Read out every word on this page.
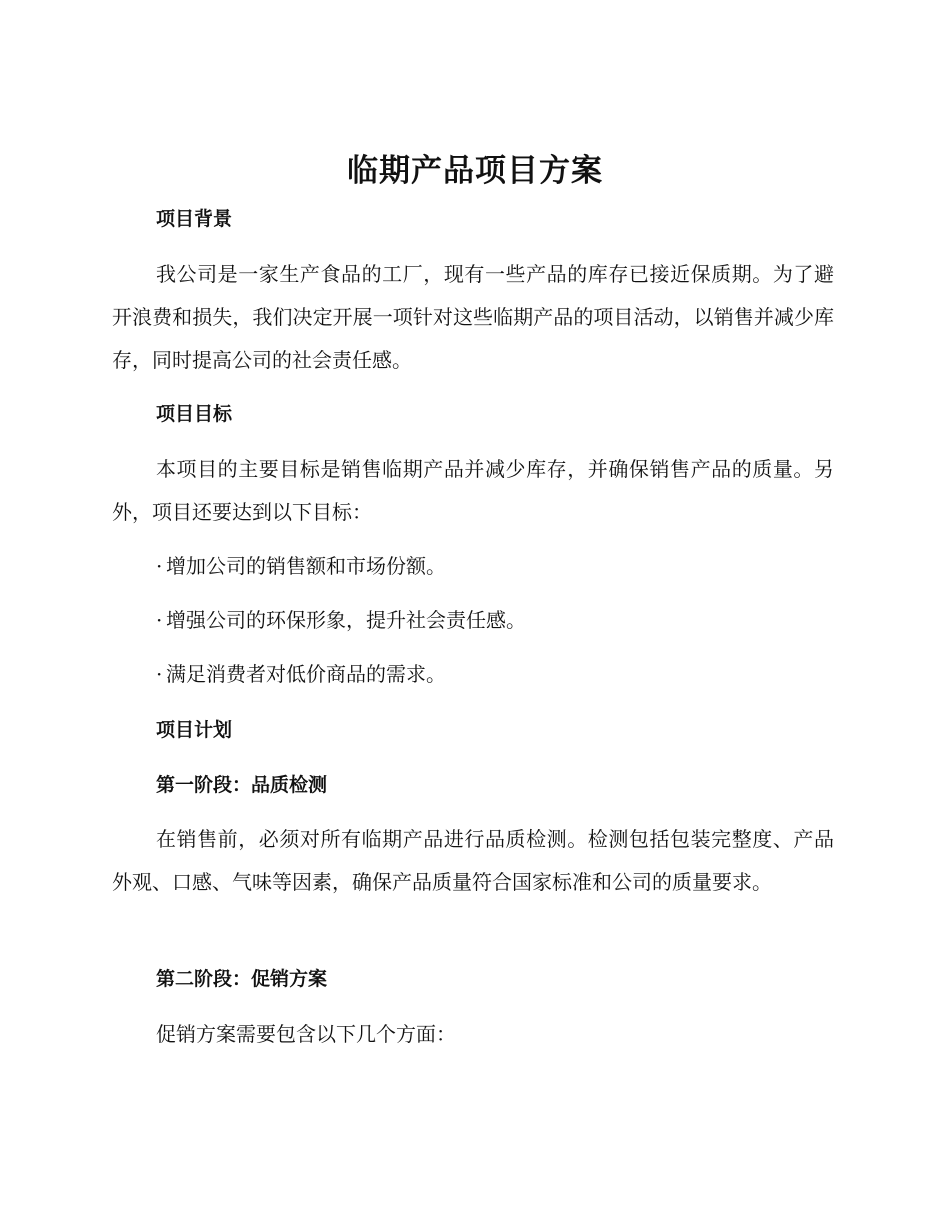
临期产品项目方案
项目背景

我公司是一家生产食品的工厂，现有一些产品的库存已接近保质期。为了避开浪费和损失，我们决定开展一项针对这些临期产品的项目活动，以销售并减少库存，同时提高公司的社会责任感。

项目目标

本项目的主要目标是销售临期产品并减少库存，并确保销售产品的质量。另外，项目还要达到以下目标：

· 增加公司的销售额和市场份额。

· 增强公司的环保形象，提升社会责任感。

· 满足消费者对低价商品的需求。

项目计划
第一阶段：品质检测

在销售前，必须对所有临期产品进行品质检测。检测包括包装完整度、产品外观、口感、气味等因素，确保产品质量符合国家标准和公司的质量要求。

第二阶段：促销方案

促销方案需要包含以下几个方面：
